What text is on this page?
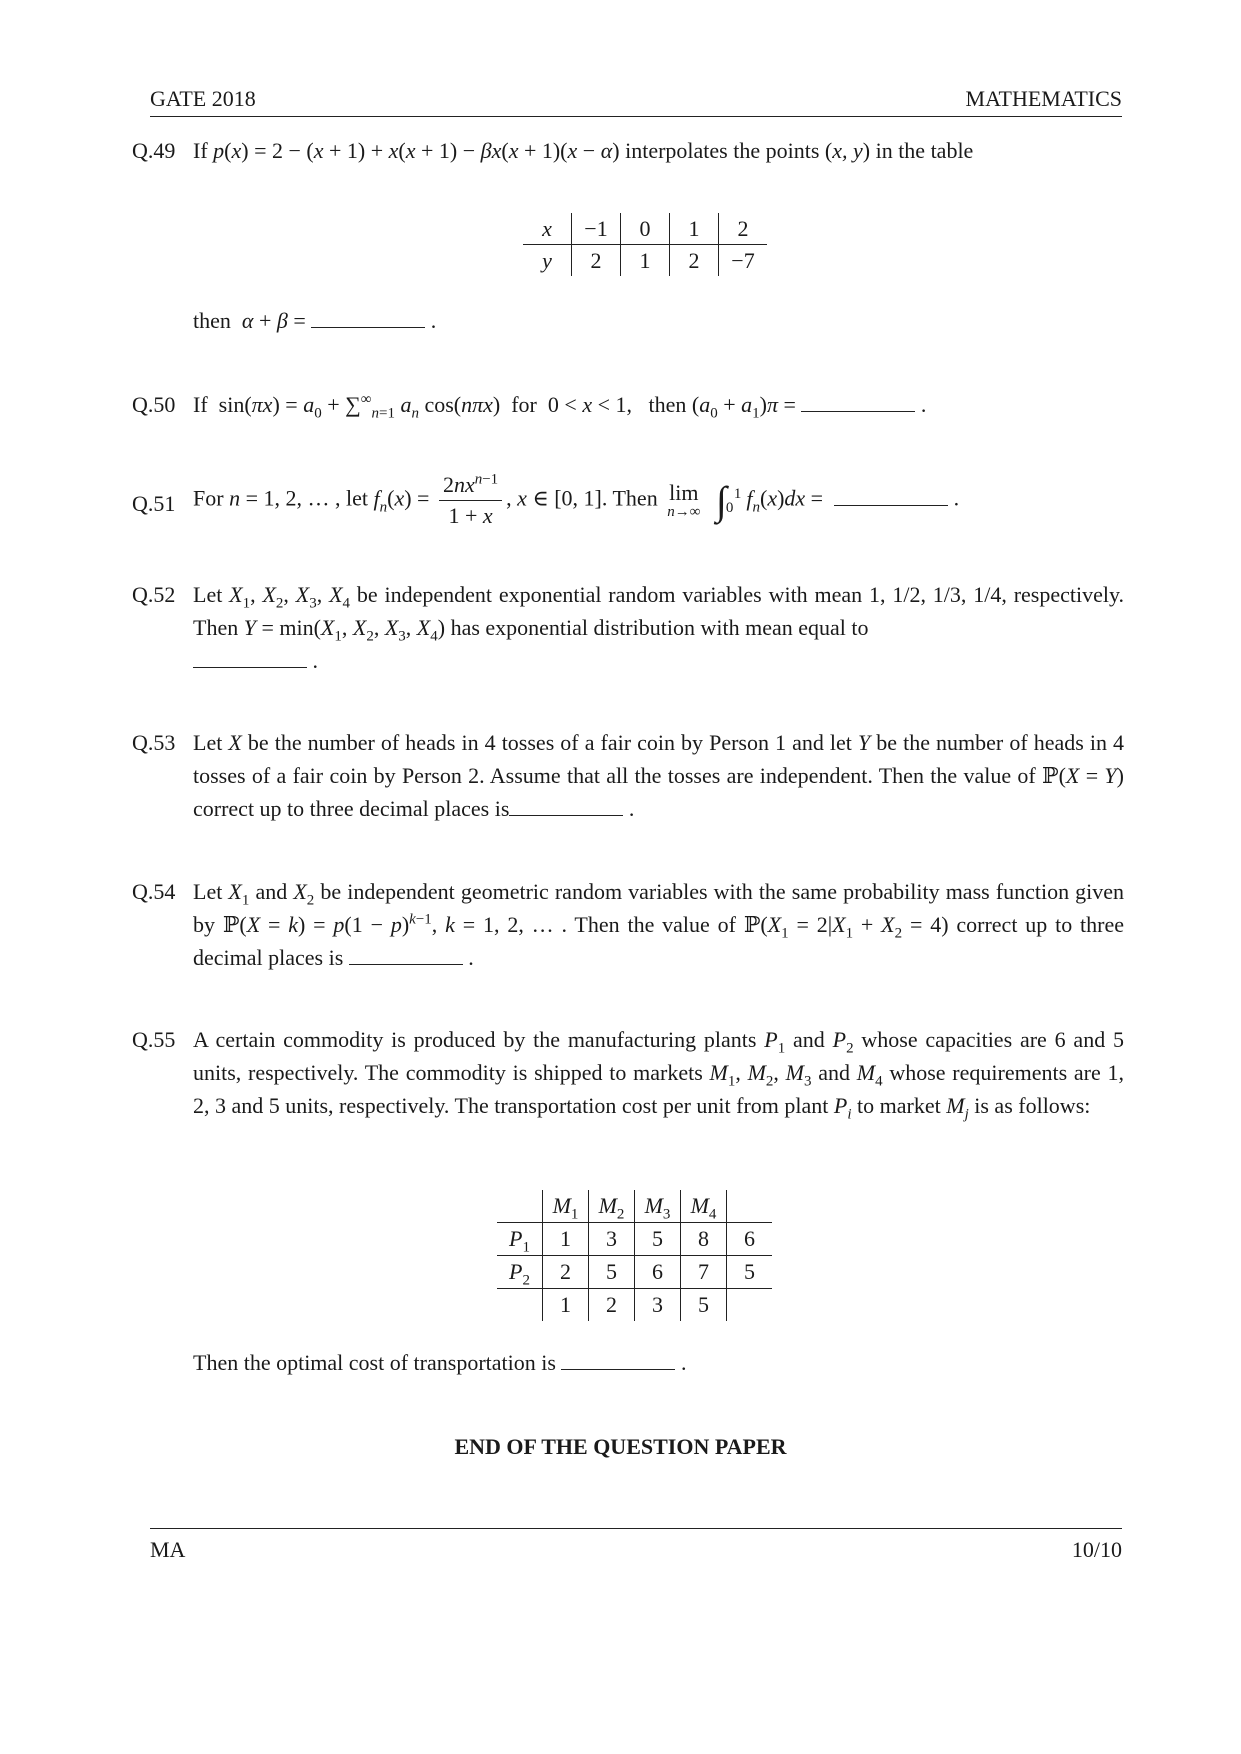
GATE 2018	MATHEMATICS
Q.49 If p(x) = 2 − (x + 1) + x(x + 1) − βx(x + 1)(x − α) interpolates the points (x, y) in the table
x	−1	0	1	2
y	2	1	2	−7
then α + β =	.
Q.50 If  $\sin(\pi x) = a_0 + \sum^\infty_{n=1}$ $a_n$ cos(nπx)  for  0 < x < 1,   then $(a_0 + a_1)\pi$ =	.
Q.51 For n = 1, 2, … , let $f_n(x) = \frac{2nx^{n-1}}{1 + x}$ , x ∈ [0, 1]. Then lim
n→∞ ∫ 1
0 $f_n(x)dx$ =	.
Q.52 Let $X_1$, $X_2$, $X_3$, $X_4$ be independent exponential random variables with mean 1, 1/2, 1/3, 1/4, respectively. Then $Y = \min(X_1$, $X_2$, $X_3$, $X_4$) has exponential distribution with mean equal to
.
Q.53 Let X be the number of heads in 4 tosses of a fair coin by Person 1 and let Y be the number of heads in 4 tosses of a fair coin by Person 2. Assume that all the tosses are independent. Then the value of ℙ(X = Y) correct up to three decimal places is	.
Q.54 Let $X_1$ and $X_2$ be independent geometric random variables with the same probability mass function given by ℙ(X = $k) = p(1 - p)^{k-1}$, k = 1, 2, … . Then the value of $ℙ(X_1 = 2|X_1 + X_2 = 4)$ correct up to three decimal places is	.
Q.55 A certain commodity is produced by the manufacturing plants $P_1$ and $P_2$ whose capacities are 6 and 5 units, respectively. The commodity is shipped to markets $M_1$, $M_2$, $M_3$ and $M_4$ whose requirements are 1, 2, 3 and 5 units, respectively. The transportation cost per unit from plant $P_i$ to market $M_j$ is as follows:
	$M_1$	$M_2$	$M_3$	$M_4$	
$P_1$	1	3	5	8	6
$P_2$	2	5	6	7	5
	1	2	3	5	
Then the optimal cost of transportation is	.
END OF THE QUESTION PAPER
MA	10/10
